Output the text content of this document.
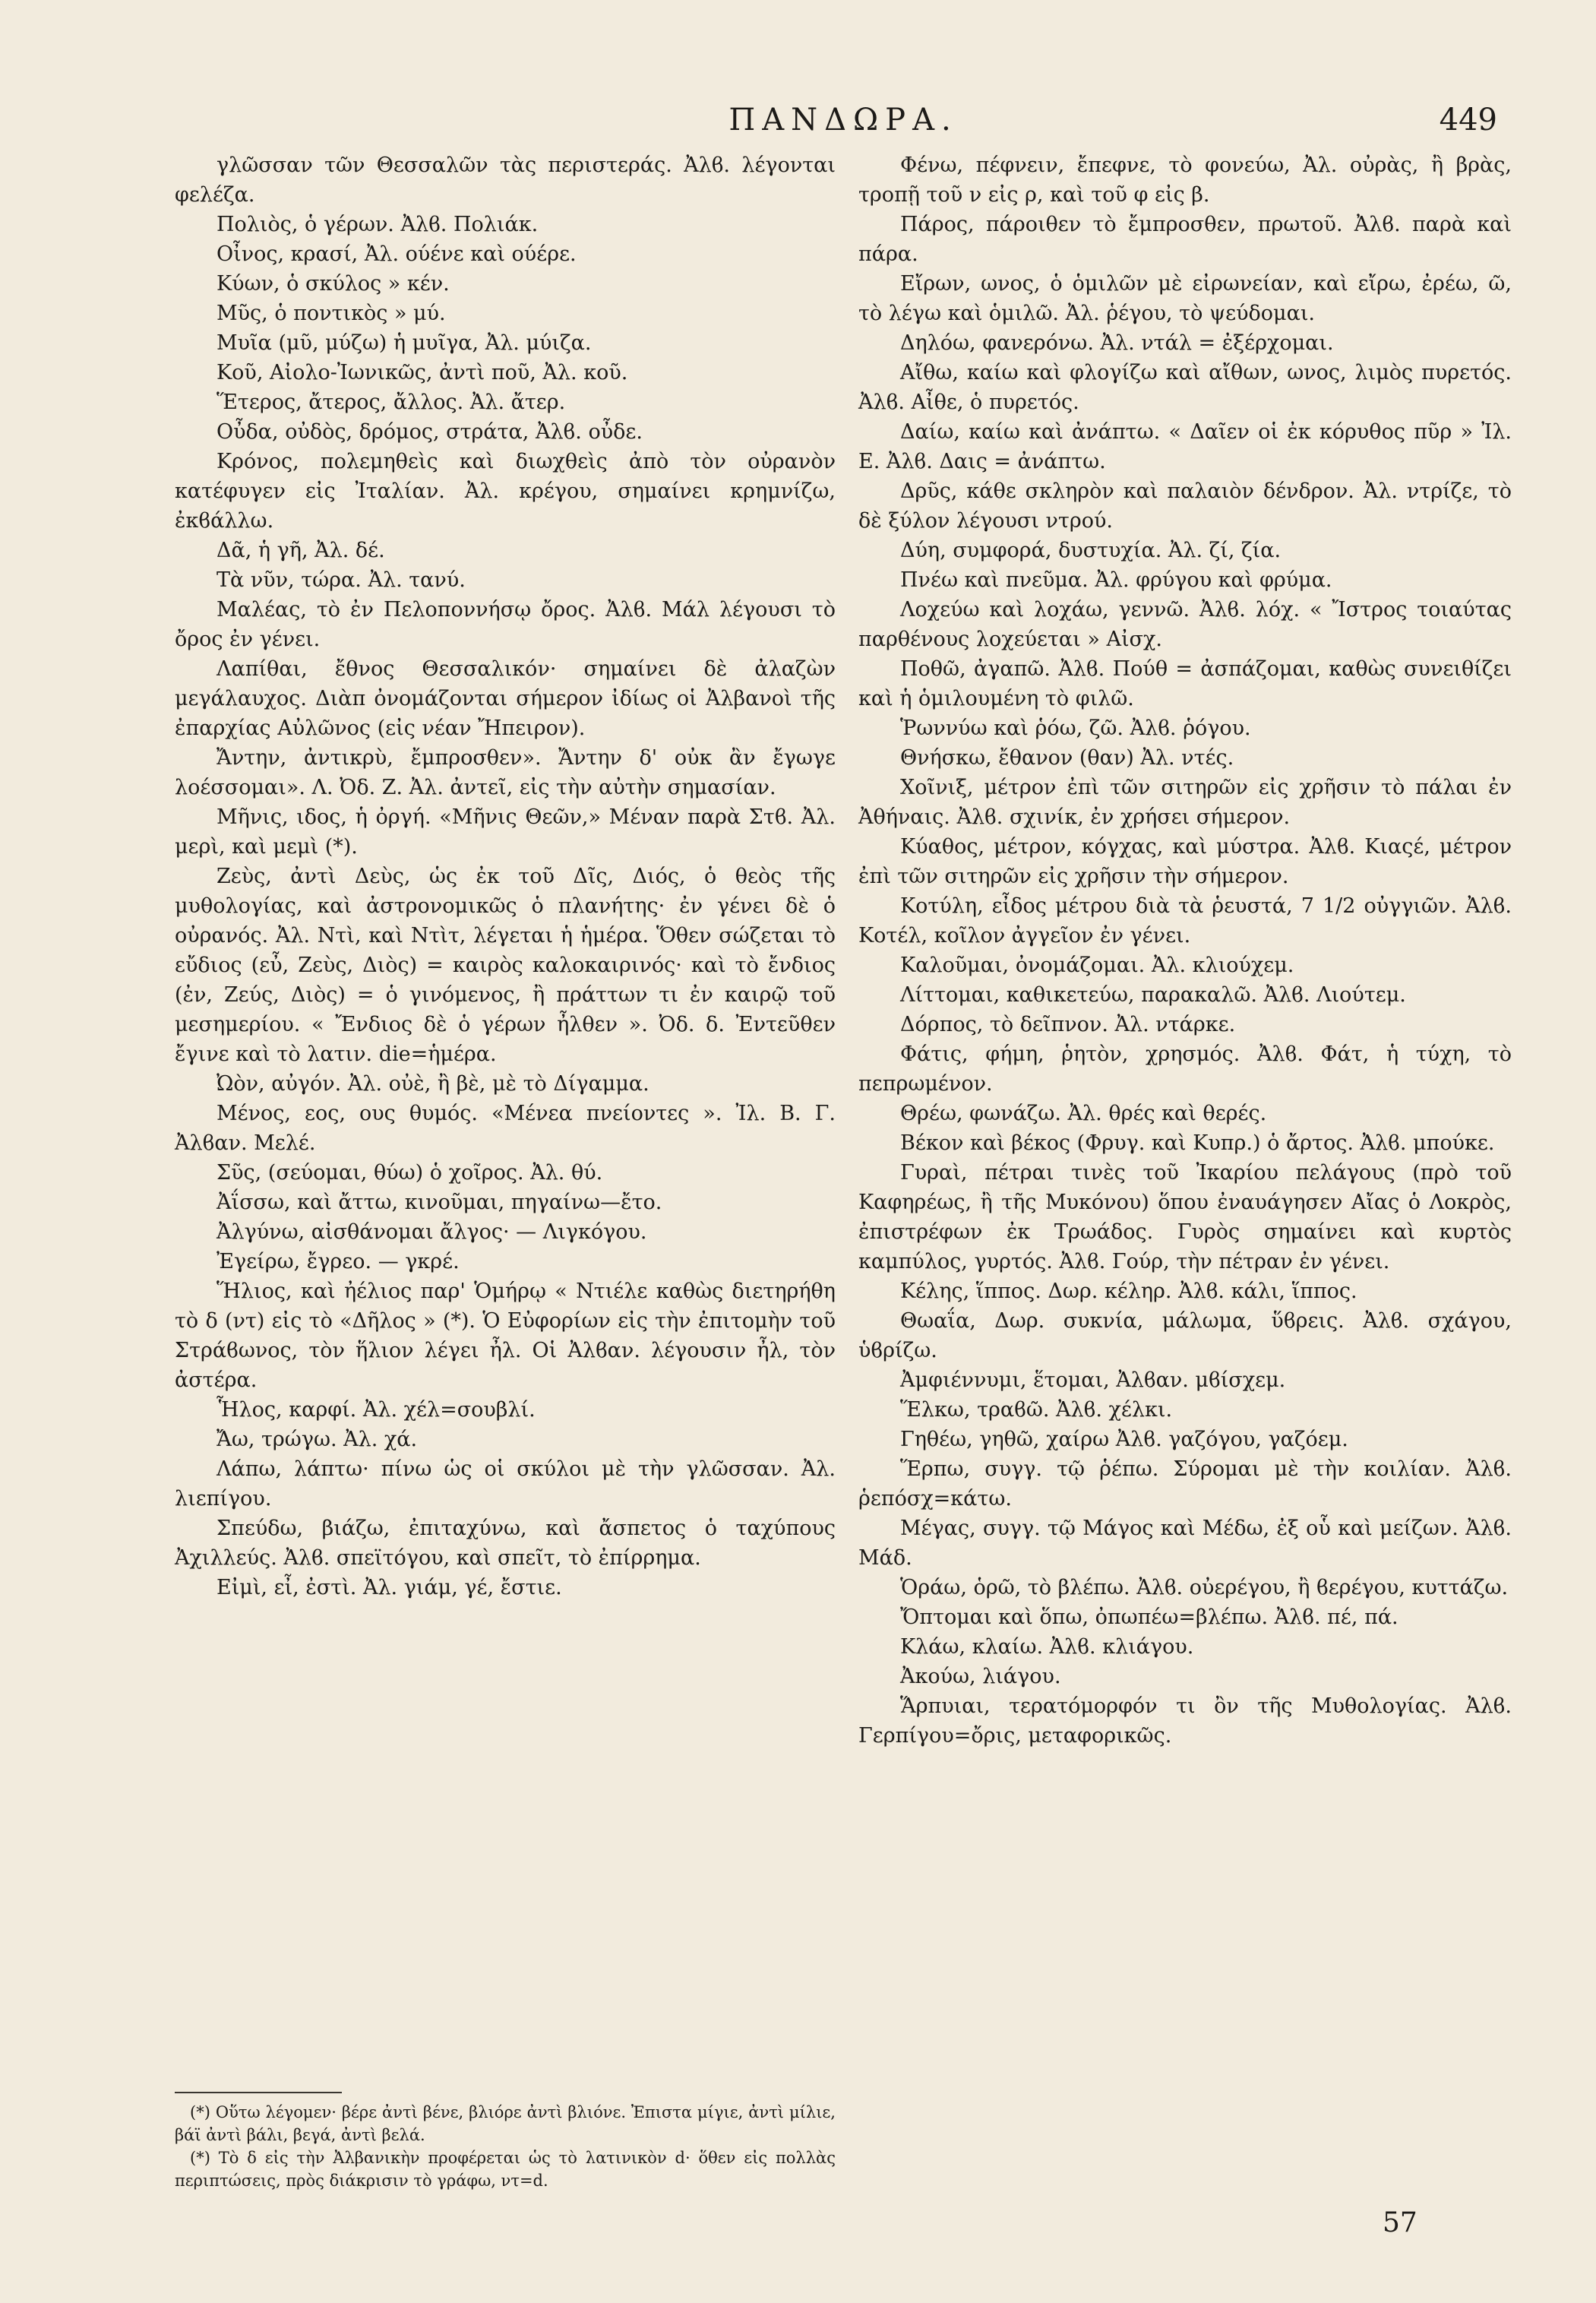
ΠΑΝΔΩΡΑ.	449

γλῶσσαν τῶν Θεσσαλῶν τὰς περιστεράς. Ἀλϐ. λέγονται φελέζα.

Πολιὸς, ὁ γέρων. Ἀλϐ. Πολιάκ.

Οἶνος, κρασί, Ἀλ. ούένε καὶ ούέρε.

Κύων, ὁ σκύλος » κέν.

Μῦς, ὁ ποντικὸς » μύ.

Μυῖα (μῦ, μύζω) ἡ μυῖγα, Ἀλ. μύιζα.

Κοῦ, Αἰολο-Ἰωνικῶς, ἀντὶ ποῦ, Ἀλ. κοῦ.

Ἕτερος, ἄτερος, ἄλλος. Ἀλ. ἄτερ.

Οὖδα, οὐδὸς, δρόμος, στράτα, Ἀλϐ. οὖδε.

Κρόνος, πολεμηθεὶς καὶ διωχθεὶς ἀπὸ τὸν οὐρανὸν κατέφυγεν εἰς Ἰταλίαν. Ἀλ. κρέγου, σημαίνει κρημνίζω, ἐκϐάλλω.

Δᾶ, ἡ γῆ, Ἀλ. δέ.

Τὰ νῦν, τώρα. Ἀλ. τανύ.

Μαλέας, τὸ ἐν Πελοποννήσῳ ὄρος. Ἀλϐ. Μάλ λέγουσι τὸ ὄρος ἐν γένει.

Λαπίθαι, ἔθνος Θεσσαλικόν· σημαίνει δὲ ἀλαζὼν μεγάλαυχος. Διὰπ ὀνομάζονται σήμερον ἰδίως οἱ Ἀλβανοὶ τῆς ἐπαρχίας Αὐλῶνος (εἰς νέαν Ἤπειρον).

Ἄντην, ἀντικρὺ, ἔμπροσθεν». Ἄντην δ' οὐκ ἂν ἔγωγε λοέσσομαι». Λ. Ὀδ. Ζ. Ἀλ. ἀντεῖ, εἰς τὴν αὐτὴν σημασίαν.

Μῆνις, ιδος, ἡ ὀργή. «Μῆνις Θεῶν,» Μέναν παρὰ Στϐ. Ἀλ. μερὶ, καὶ μεμὶ (*).

Ζεὺς, ἀντὶ Δεὺς, ὡς ἐκ τοῦ Δῖς, Διός, ὁ θεὸς τῆς μυθολογίας, καὶ ἀστρονομικῶς ὁ πλανήτης· ἐν γένει δὲ ὁ οὐρανός. Ἀλ. Ντὶ, καὶ Ντὶτ, λέγεται ἡ ἡμέρα. Ὅθεν σώζεται τὸ εὔδιος (εὖ, Ζεὺς, Διὸς) = καιρὸς καλοκαιρινός· καὶ τὸ ἔνδιος (ἐν, Ζεύς, Διὸς) = ὁ γινόμενος, ἢ πράττων τι ἐν καιρῷ τοῦ μεσημερίου. « Ἔνδιος δὲ ὁ γέρων ἦλθεν ». Ὀδ. δ. Ἐντεῦθεν ἔγινε καὶ τὸ λατιν. die=ἡμέρα.

Ὠὸν, αὐγόν. Ἀλ. οὐὲ, ἢ βὲ, μὲ τὸ Δίγαμμα.

Μένος, εος, ους θυμός. «Μένεα πνείοντες ». Ἰλ. Β. Γ. Ἀλϐαν. Μελέ.

Σῦς, (σεύομαι, θύω) ὁ χοῖρος. Ἀλ. θύ.

Ἀΐσσω, καὶ ἄττω, κινοῦμαι, πηγαίνω—ἔτο.

Ἀλγύνω, αἰσθάνομαι ἄλγος· — Λιγκόγου.

Ἐγείρω, ἔγρεο. — γκρέ.

Ἥλιος, καὶ ἠέλιος παρ' Ὁμήρῳ « Ντιέλε καθὼς διετηρήθη τὸ δ (ντ) εἰς τὸ «Δῆλος » (*). Ὁ Εὐφορίων εἰς τὴν ἐπιτομὴν τοῦ Στράϐωνος, τὸν ἥλιον λέγει ἦλ. Οἱ Ἀλϐαν. λέγουσιν ἦλ, τὸν ἀστέρα.

Ἧλος, καρφί. Ἀλ. χέλ=σουβλί.

Ἄω, τρώγω. Ἀλ. χά.

Λάπω, λάπτω· πίνω ὡς οἱ σκύλοι μὲ τὴν γλῶσσαν. Ἀλ. λιεπίγου.

Σπεύδω, βιάζω, ἐπιταχύνω, καὶ ἄσπετος ὁ ταχύπους Ἀχιλλεύς. Ἀλϐ. σπεϊτόγου, καὶ σπεῖτ, τὸ ἐπίρρημα.

Εἰμὶ, εἶ, ἐστὶ. Ἀλ. γιάμ, γέ, ἔστιε.

Φένω, πέφνειν, ἔπεφνε, τὸ φονεύω, Ἀλ. οὐρὰς, ἢ βρὰς, τροπῇ τοῦ ν εἰς ρ, καὶ τοῦ φ εἰς β.

Πάρος, πάροιθεν τὸ ἔμπροσθεν, πρωτοῦ. Ἀλϐ. παρὰ καὶ πάρα.

Εἴρων, ωνος, ὁ ὁμιλῶν μὲ εἰρωνείαν, καὶ εἴρω, ἐρέω, ῶ, τὸ λέγω καὶ ὁμιλῶ. Ἀλ. ῥέγου, τὸ ψεύδομαι.

Δηλόω, φανερόνω. Ἀλ. ντάλ = ἐξέρχομαι.

Αἴθω, καίω καὶ φλογίζω καὶ αἴθων, ωνος, λιμὸς πυρετός. Ἀλϐ. Αἶθε, ὁ πυρετός.

Δαίω, καίω καὶ ἀνάπτω. « Δαῖεν οἱ ἐκ κόρυθος πῦρ » Ἰλ. Ε. Ἀλϐ. Δαις = ἀνάπτω.

Δρῦς, κάθε σκληρὸν καὶ παλαιὸν δένδρον. Ἀλ. ντρίζε, τὸ δὲ ξύλον λέγουσι ντρού.

Δύη, συμφορά, δυστυχία. Ἀλ. ζί, ζία.

Πνέω καὶ πνεῦμα. Ἀλ. φρύγου καὶ φρύμα.

Λοχεύω καὶ λοχάω, γεννῶ. Ἀλϐ. λόχ. « Ἴστρος τοιαύτας παρθένους λοχεύεται » Αἰσχ.

Ποθῶ, ἀγαπῶ. Ἀλϐ. Πούθ = ἀσπάζομαι, καθὼς συνειθίζει καὶ ἡ ὁμιλουμένη τὸ φιλῶ.

Ῥωννύω καὶ ῥόω, ζῶ. Ἀλϐ. ῥόγου.

Θνήσκω, ἔθανον (θαν) Ἀλ. ντές.

Χοῖνιξ, μέτρον ἐπὶ τῶν σιτηρῶν εἰς χρῆσιν τὸ πάλαι ἐν Ἀθήναις. Ἀλϐ. σχινίκ, ἐν χρήσει σήμερον.

Κύαθος, μέτρον, κόγχας, καὶ μύστρα. Ἀλϐ. Κιαςέ, μέτρον ἐπὶ τῶν σιτηρῶν εἰς χρῆσιν τὴν σήμερον.

Κοτύλη, εἶδος μέτρου διὰ τὰ ῥευστά, 7 1/2 οὐγγιῶν. Ἀλϐ. Κοτέλ, κοῖλον ἀγγεῖον ἐν γένει.

Καλοῦμαι, ὀνομάζομαι. Ἀλ. κλιούχεμ.

Λίττομαι, καθικετεύω, παρακαλῶ. Ἀλϐ. Λιούτεμ.

Δόρπος, τὸ δεῖπνον. Ἀλ. ντάρκε.

Φάτις, φήμη, ῥητὸν, χρησμός. Ἀλϐ. Φάτ, ἡ τύχη, τὸ πεπρωμένον.

Θρέω, φωνάζω. Ἀλ. θρές καὶ θερές.

Βέκον καὶ βέκος (Φρυγ. καὶ Κυπρ.) ὁ ἄρτος. Ἀλϐ. μπούκε.

Γυραὶ, πέτραι τινὲς τοῦ Ἰκαρίου πελάγους (πρὸ τοῦ Καφηρέως, ἢ τῆς Μυκόνου) ὅπου ἐναυάγησεν Αἴας ὁ Λοκρὸς, ἐπιστρέφων ἐκ Τρωάδος. Γυρὸς σημαίνει καὶ κυρτὸς καμπύλος, γυρτός. Ἀλϐ. Γούρ, τὴν πέτραν ἐν γένει.

Κέλης, ἵππος. Δωρ. κέληρ. Ἀλϐ. κάλι, ἵππος.

Θωαΐα, Δωρ. συκνία, μάλωμα, ὕϐρεις. Ἀλϐ. σχάγου, ὑϐρίζω.

Ἀμφιέννυμι, ἕτομαι, Ἀλϐαν. μϐίσχεμ.

Ἕλκω, τραϐῶ. Ἀλϐ. χέλκι.

Γηθέω, γηθῶ, χαίρω Ἀλϐ. γαζόγου, γαζόεμ.

Ἕρπω, συγγ. τῷ ῥέπω. Σύρομαι μὲ τὴν κοιλίαν. Ἀλϐ. ῥεπόσχ=κάτω.

Μέγας, συγγ. τῷ Μάγος καὶ Μέδω, ἐξ οὗ καὶ μείζων. Ἀλϐ. Μάδ.

Ὁράω, ὁρῶ, τὸ βλέπω. Ἀλϐ. οὐερέγου, ἢ ϐερέγου, κυττάζω.

Ὄπτομαι καὶ ὅπω, ὀπωπέω=βλέπω. Ἀλϐ. πέ, πά.

Κλάω, κλαίω. Ἀλϐ. κλιάγου.

Ἀκούω, λιάγου.

Ἅρπυιαι, τερατόμορφόν τι ὂν τῆς Μυθολογίας. Ἀλϐ. Γερπίγου=ὄρις, μεταφορικῶς.

(*) Οὕτω λέγομεν· βέρε ἀντὶ βένε, βλιόρε ἀντὶ βλιόνε. Ἐπιστα μίγιε, ἀντὶ μίλιε, βάϊ ἀντὶ βάλι, βεγά, ἀντὶ βελά.

(*) Τὸ δ εἰς τὴν Ἀλβανικὴν προφέρεται ὡς τὸ λατινικὸν d· ὅθεν εἰς πολλὰς περιπτώσεις, πρὸς διάκρισιν τὸ γράφω, ντ=d.

57
